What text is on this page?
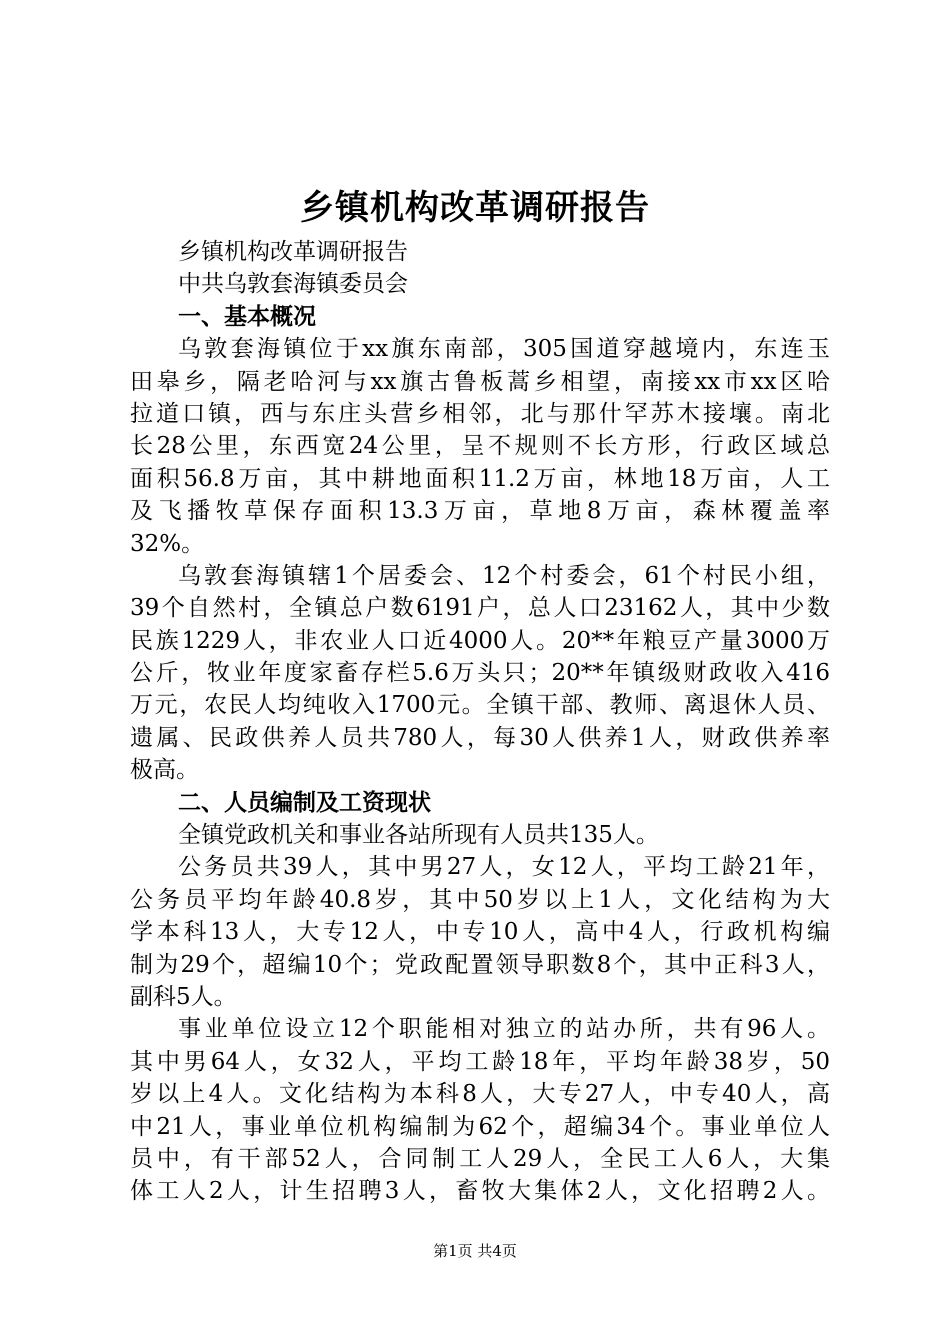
乡镇机构改革调研报告
乡镇机构改革调研报告
中共乌敦套海镇委员会
一、基本概况
乌敦套海镇位于xx旗东南部，305国道穿越境内，东连玉
田皋乡，隔老哈河与xx旗古鲁板蒿乡相望，南接xx市xx区哈
拉道口镇，西与东庄头营乡相邻，北与那什罕苏木接壤。南北
长28公里，东西宽24公里，呈不规则不长方形，行政区域总
面积56.8万亩，其中耕地面积11.2万亩，林地18万亩，人工
及飞播牧草保存面积13.3万亩，草地8万亩，森林覆盖率
32%。
乌敦套海镇辖1个居委会、12个村委会，61个村民小组，
39个自然村，全镇总户数6191户，总人口23162人，其中少数
民族1229人，非农业人口近4000人。20**年粮豆产量3000万
公斤，牧业年度家畜存栏5.6万头只；20**年镇级财政收入416
万元，农民人均纯收入1700元。全镇干部、教师、离退休人员、
遗属、民政供养人员共780人，每30人供养1人，财政供养率
极高。
二、人员编制及工资现状
全镇党政机关和事业各站所现有人员共135人。
公务员共39人，其中男27人，女12人，平均工龄21年，
公务员平均年龄40.8岁，其中50岁以上1人，文化结构为大
学本科13人，大专12人，中专10人，高中4人，行政机构编
制为29个，超编10个；党政配置领导职数8个，其中正科3人，
副科5人。
事业单位设立12个职能相对独立的站办所，共有96人。
其中男64人，女32人，平均工龄18年，平均年龄38岁，50
岁以上4人。文化结构为本科8人，大专27人，中专40人，高
中21人，事业单位机构编制为62个，超编34个。事业单位人
员中，有干部52人，合同制工人29人，全民工人6人，大集
体工人2人，计生招聘3人，畜牧大集体2人，文化招聘2人。
第1页 共4页
